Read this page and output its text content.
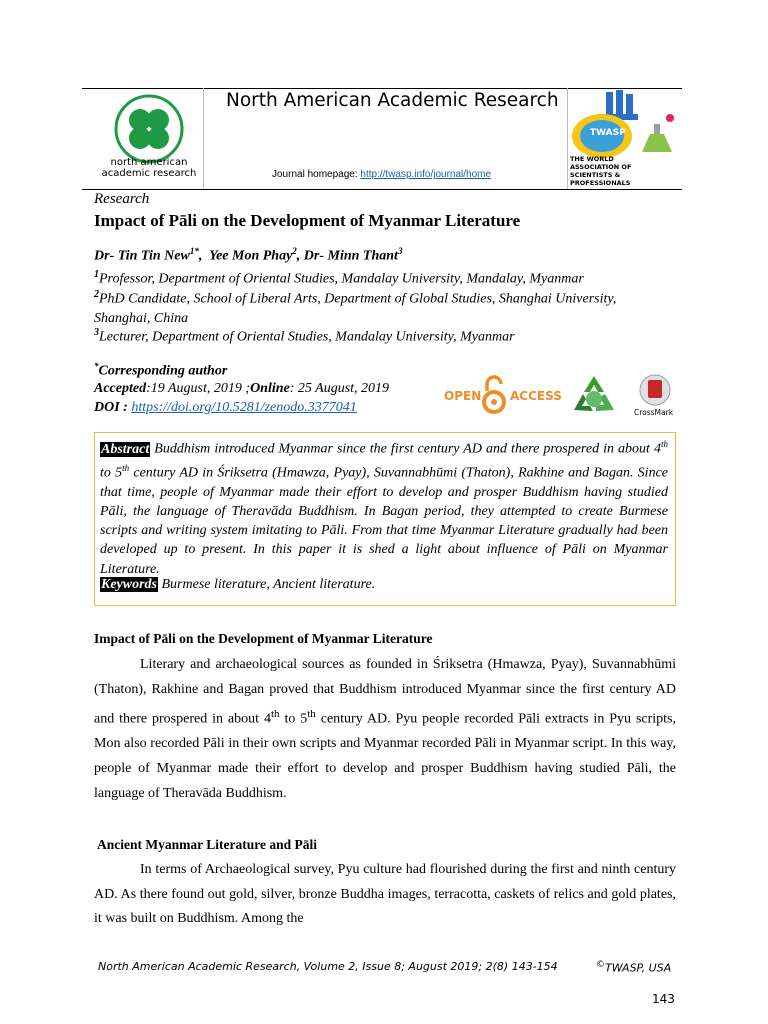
north american
academic research
North American Academic Research
Journal homepage: http://twasp.info/journal/home
TWASP
THE WORLD
ASSOCIATION OF
SCIENTISTS &
PROFESSIONALS
Research
Impact of Pāli on the Development of Myanmar Literature
Dr- Tin Tin New$^{1*}$,  Yee Mon Phay$^2$, Dr- Minn Thant$^3$
$^1$Professor, Department of Oriental Studies, Mandalay University, Mandalay, Myanmar
$^2$PhD Candidate, School of Liberal Arts, Department of Global Studies, Shanghai University,
Shanghai, China
$^3$Lecturer, Department of Oriental Studies, Mandalay University, Myanmar
*Corresponding author
Accepted:19 August, 2019 ;Online: 25 August, 2019
DOI : https://doi.org/10.5281/zenodo.3377041
OPEN ACCESS
CrossMark
Abstract Buddhism introduced Myanmar since the first century AD and there prospered in about 4th to 5th century AD in Śriksetra (Hmawza, Pyay), Suvannabhūmi (Thaton), Rakhine and Bagan. Since that time, people of Myanmar made their effort to develop and prosper Buddhism having studied Pāli, the language of Theravāda Buddhism. In Bagan period, they attempted to create Burmese scripts and writing system imitating to Pāli. From that time Myanmar Literature gradually had been developed up to present. In this paper it is shed a light about influence of Pāli on Myanmar Literature.
Keywords Burmese literature, Ancient literature.
Impact of Pāli on the Development of Myanmar Literature
Literary and archaeological sources as founded in Śriksetra (Hmawza, Pyay), Suvannabhūmi (Thaton), Rakhine and Bagan proved that Buddhism introduced Myanmar since the first century AD and there prospered in about 4th to 5th century AD. Pyu people recorded Pāli extracts in Pyu scripts, Mon also recorded Pāli in their own scripts and Myanmar recorded Pāli in Myanmar script. In this way, people of Myanmar made their effort to develop and prosper Buddhism having studied Pāli, the language of Theravāda Buddhism.
Ancient Myanmar Literature and Pāli
In terms of Archaeological survey, Pyu culture had flourished during the first and ninth century AD. As there found out gold, silver, bronze Buddha images, terracotta, caskets of relics and gold plates, it was built on Buddhism. Among the
North American Academic Research, Volume 2, Issue 8; August 2019; 2(8) 143-154	©TWASP, USA
143
